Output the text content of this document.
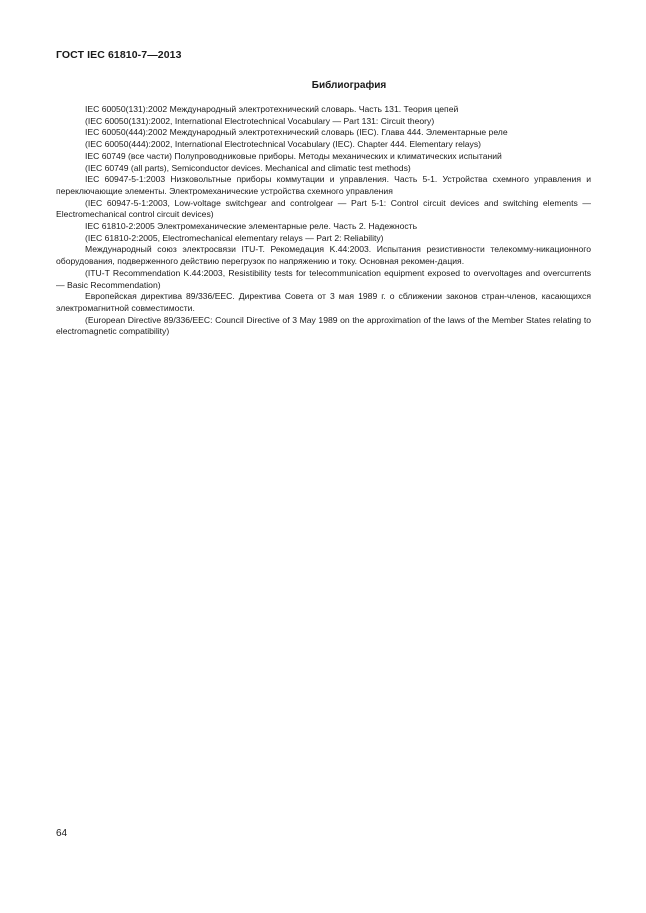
ГОСТ IEC 61810-7—2013
Библиография

IEC 60050(131):2002 Международный электротехнический словарь. Часть 131. Теория цепей

(IEC 60050(131):2002, International Electrotechnical Vocabulary — Part 131: Circuit theory)

IEC 60050(444):2002 Международный электротехнический словарь (IEC). Глава 444. Элементарные реле

(IEC 60050(444):2002, International Electrotechnical Vocabulary (IEC). Chapter 444. Elementary relays)

IEC 60749 (все части) Полупроводниковые приборы. Методы механических и климатических испытаний

(IEC 60749 (all parts), Semiconductor devices. Mechanical and climatic test methods)

IEC 60947-5-1:2003 Низковольтные приборы коммутации и управления. Часть 5-1. Устройства схемного управления и переключающие элементы. Электромеханические устройства схемного управления

(IEC 60947-5-1:2003, Low-voltage switchgear and controlgear — Part 5-1: Control circuit devices and switching elements — Electromechanical control circuit devices)

IEC 61810-2:2005 Электромеханические элементарные реле. Часть 2. Надежность

(IEC 61810-2:2005, Electromechanical elementary relays — Part 2: Reliability)

Международный союз электросвязи ITU-T. Рекомедация K.44:2003. Испытания резистивности телекомму-никационного оборудования, подверженного действию перегрузок по напряжению и току. Основная рекомен-дация.

(ITU-T Recommendation K.44:2003, Resistibility tests for telecommunication equipment exposed to overvoltages and overcurrents — Basic Recommendation)

Европейская директива 89/336/EEC. Директива Совета от 3 мая 1989 г. о сближении законов стран-членов, касающихся электромагнитной совместимости.

(European Directive 89/336/EEC: Council Directive of 3 May 1989 on the approximation of the laws of the Member States relating to electromagnetic compatibility)

64
